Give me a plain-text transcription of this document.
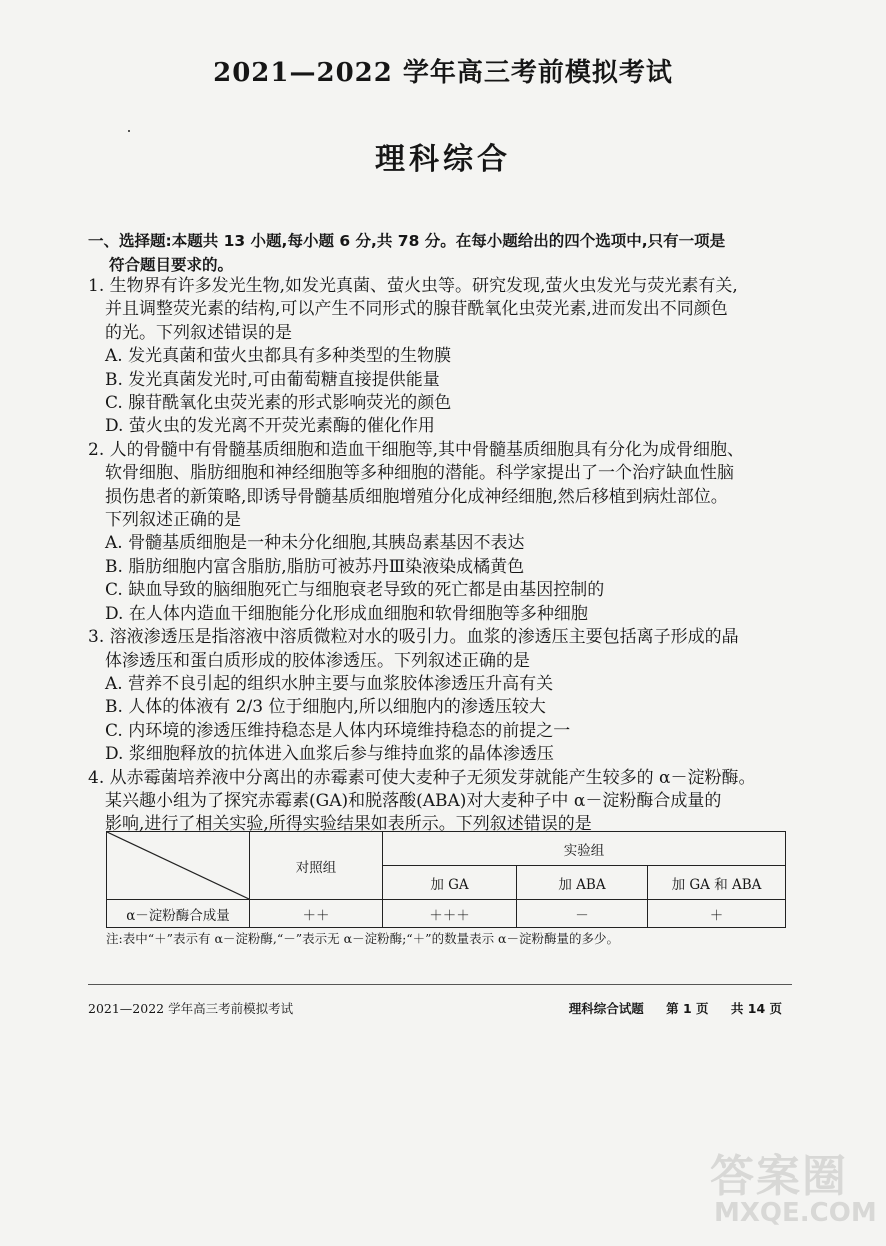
2021—2022 学年高三考前模拟考试
理科综合
一、选择题:本题共 13 小题,每小题 6 分,共 78 分。在每小题给出的四个选项中,只有一项是
符合题目要求的。

1. 生物界有许多发光生物,如发光真菌、萤火虫等。研究发现,萤火虫发光与荧光素有关,
并且调整荧光素的结构,可以产生不同形式的腺苷酰氧化虫荧光素,进而发出不同颜色
的光。下列叙述错误的是

A. 发光真菌和萤火虫都具有多种类型的生物膜
B. 发光真菌发光时,可由葡萄糖直接提供能量
C. 腺苷酰氧化虫荧光素的形式影响荧光的颜色
D. 萤火虫的发光离不开荧光素酶的催化作用

2. 人的骨髓中有骨髓基质细胞和造血干细胞等,其中骨髓基质细胞具有分化为成骨细胞、
软骨细胞、脂肪细胞和神经细胞等多种细胞的潜能。科学家提出了一个治疗缺血性脑
损伤患者的新策略,即诱导骨髓基质细胞增殖分化成神经细胞,然后移植到病灶部位。
下列叙述正确的是

A. 骨髓基质细胞是一种未分化细胞,其胰岛素基因不表达
B. 脂肪细胞内富含脂肪,脂肪可被苏丹Ⅲ染液染成橘黄色
C. 缺血导致的脑细胞死亡与细胞衰老导致的死亡都是由基因控制的
D. 在人体内造血干细胞能分化形成血细胞和软骨细胞等多种细胞

3. 溶液渗透压是指溶液中溶质微粒对水的吸引力。血浆的渗透压主要包括离子形成的晶
体渗透压和蛋白质形成的胶体渗透压。下列叙述正确的是

A. 营养不良引起的组织水肿主要与血浆胶体渗透压升高有关
B. 人体的体液有 2/3 位于细胞内,所以细胞内的渗透压较大
C. 内环境的渗透压维持稳态是人体内环境维持稳态的前提之一
D. 浆细胞释放的抗体进入血浆后参与维持血浆的晶体渗透压

4. 从赤霉菌培养液中分离出的赤霉素可使大麦种子无须发芽就能产生较多的 α－淀粉酶。
某兴趣小组为了探究赤霉素(GA)和脱落酸(ABA)对大麦种子中 α－淀粉酶合成量的
影响,进行了相关实验,所得实验结果如表所示。下列叙述错误的是

	对照组	实验组		
		加 GA	加 ABA	加 GA 和 ABA
α－淀粉酶合成量	＋＋	＋＋＋	－	＋
注:表中“＋”表示有 α－淀粉酶,“－”表示无 α－淀粉酶;“＋”的数量表示 α－淀粉酶量的多少。
2021—2022 学年高三考前模拟考试	理科综合试题 第 1 页 共 14 页
答案圈
MXQE.COM
